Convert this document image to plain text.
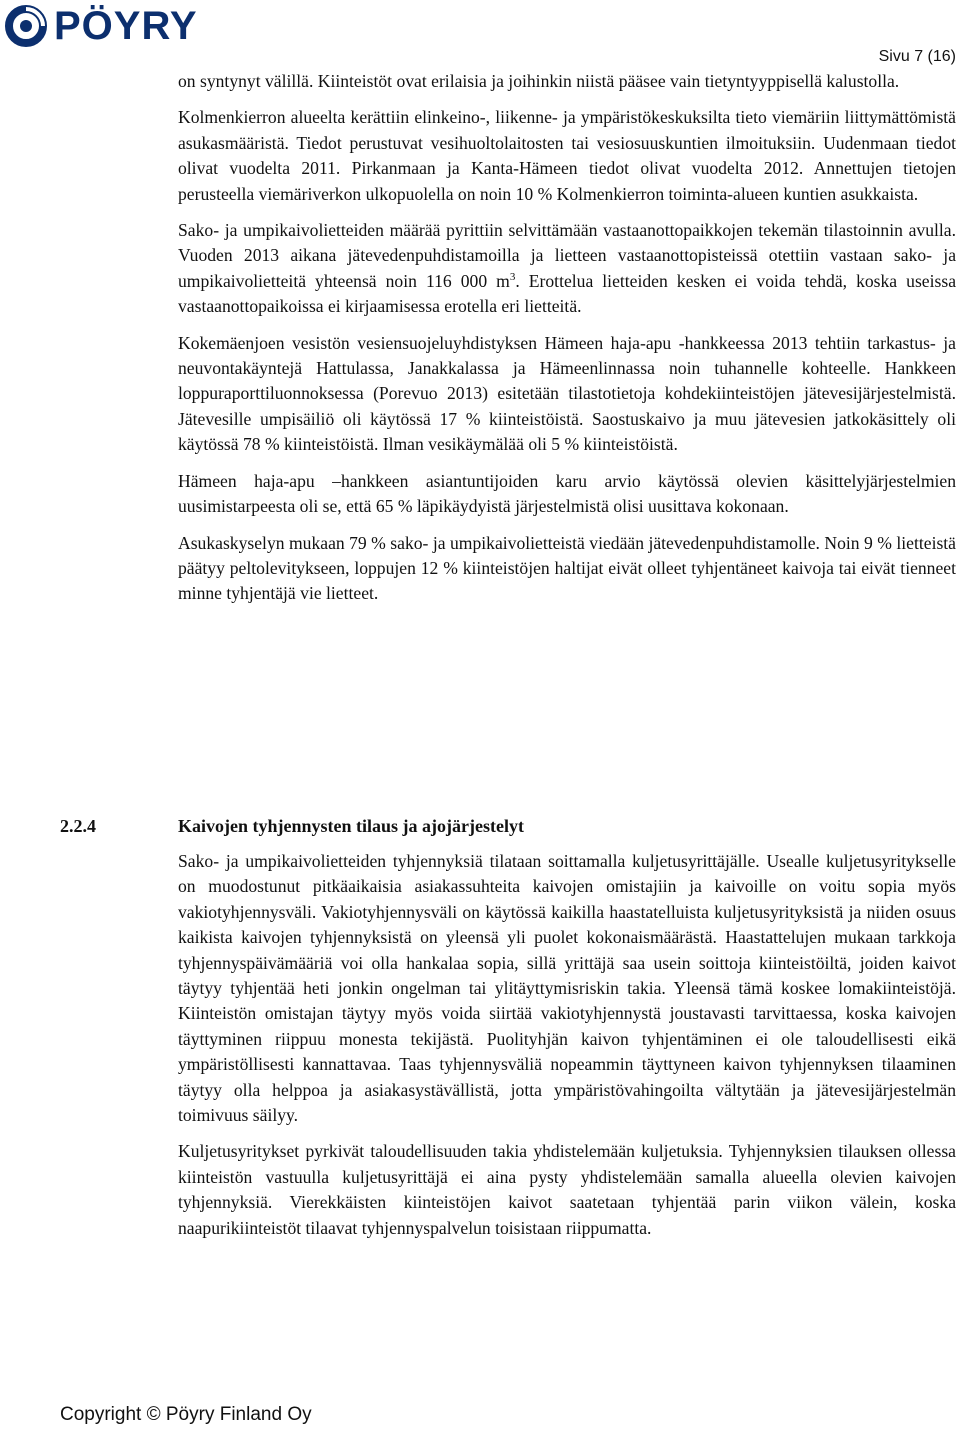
PÖYRY
Sivu 7 (16)

on syntynyt välillä. Kiinteistöt ovat erilaisia ja joihinkin niistä pääsee vain tietyntyyppisellä kalustolla.

Kolmenkierron alueelta kerättiin elinkeino-, liikenne- ja ympäristökeskuksilta tieto viemäriin liittymättömistä asukasmääristä. Tiedot perustuvat vesihuoltolaitosten tai vesiosuuskuntien ilmoituksiin. Uudenmaan tiedot olivat vuodelta 2011. Pirkanmaan ja Kanta-Hämeen tiedot olivat vuodelta 2012. Annettujen tietojen perusteella viemäriverkon ulkopuolella on noin 10 % Kolmenkierron toiminta-alueen kuntien asukkaista.

Sako- ja umpikaivolietteiden määrää pyrittiin selvittämään vastaanottopaikkojen tekemän tilastoinnin avulla. Vuoden 2013 aikana jätevedenpuhdistamoilla ja lietteen vastaanottopisteissä otettiin vastaan sako- ja umpikaivolietteitä yhteensä noin 116 000 $m^3$. Erottelua lietteiden kesken ei voida tehdä, koska useissa vastaanottopaikoissa ei kirjaamisessa erotella eri lietteitä.

Kokemäenjoen vesistön vesiensuojeluyhdistyksen Hämeen haja-apu -hankkeessa 2013 tehtiin tarkastus- ja neuvontakäyntejä Hattulassa, Janakkalassa ja Hämeenlinnassa noin tuhannelle kohteelle. Hankkeen loppuraporttiluonnoksessa (Porevuo 2013) esitetään tilastotietoja kohdekiinteistöjen jätevesijärjestelmistä. Jätevesille umpisäiliö oli käytössä 17 % kiinteistöistä. Saostuskaivo ja muu jätevesien jatkokäsittely oli käytössä 78 % kiinteistöistä. Ilman vesikäymälää oli 5 % kiinteistöistä.

Hämeen haja-apu –hankkeen asiantuntijoiden karu arvio käytössä olevien käsittelyjärjestelmien uusimistarpeesta oli se, että 65 % läpikäydyistä järjestelmistä olisi uusittava kokonaan.

Asukaskyselyn mukaan 79 % sako- ja umpikaivolietteistä viedään jätevedenpuhdistamolle. Noin 9 % lietteistä päätyy peltolevitykseen, loppujen 12 % kiinteistöjen haltijat eivät olleet tyhjentäneet kaivoja tai eivät tienneet minne tyhjentäjä vie lietteet.

2.2.4	Kaivojen tyhjennysten tilaus ja ajojärjestelyt

Sako- ja umpikaivolietteiden tyhjennyksiä tilataan soittamalla kuljetusyrittäjälle. Usealle kuljetusyritykselle on muodostunut pitkäaikaisia asiakassuhteita kaivojen omistajiin ja kaivoille on voitu sopia myös vakiotyhjennysväli. Vakiotyhjennysväli on käytössä kaikilla haastatelluista kuljetusyrityksistä ja niiden osuus kaikista kaivojen tyhjennyksistä on yleensä yli puolet kokonaismäärästä. Haastattelujen mukaan tarkkoja tyhjennyspäivämääriä voi olla hankalaa sopia, sillä yrittäjä saa usein soittoja kiinteistöiltä, joiden kaivot täytyy tyhjentää heti jonkin ongelman tai ylitäyttymisriskin takia. Yleensä tämä koskee lomakiinteistöjä. Kiinteistön omistajan täytyy myös voida siirtää vakiotyhjennystä joustavasti tarvittaessa, koska kaivojen täyttyminen riippuu monesta tekijästä. Puolityhjän kaivon tyhjentäminen ei ole taloudellisesti eikä ympäristöllisesti kannattavaa. Taas tyhjennysväliä nopeammin täyttyneen kaivon tyhjennyksen tilaaminen täytyy olla helppoa ja asiakasystävällistä, jotta ympäristövahingoilta vältytään ja jätevesijärjestelmän toimivuus säilyy.

Kuljetusyritykset pyrkivät taloudellisuuden takia yhdistelemään kuljetuksia. Tyhjennyksien tilauksen ollessa kiinteistön vastuulla kuljetusyrittäjä ei aina pysty yhdistelemään samalla alueella olevien kaivojen tyhjennyksiä. Vierekkäisten kiinteistöjen kaivot saatetaan tyhjentää parin viikon välein, koska naapurikiinteistöt tilaavat tyhjennyspalvelun toisistaan riippumatta.

Copyright © Pöyry Finland Oy
